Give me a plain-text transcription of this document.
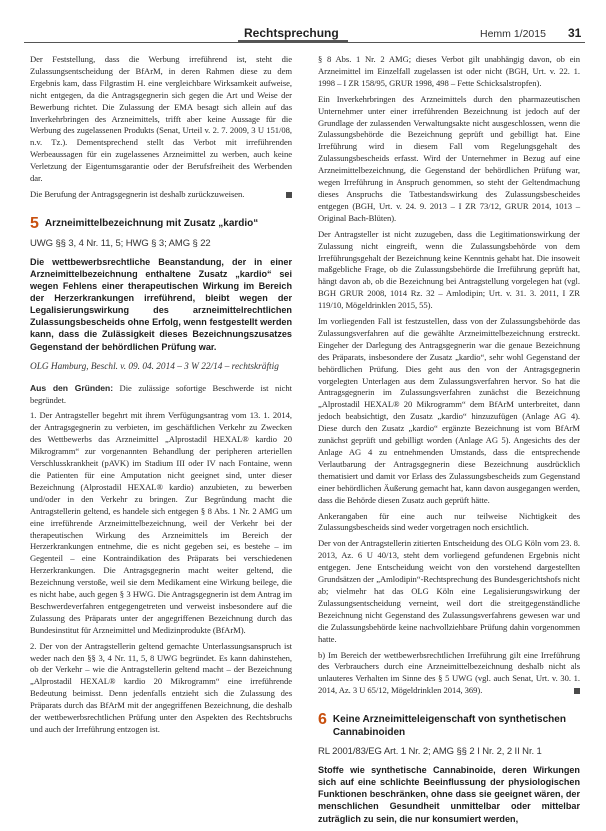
Rechtsprechung	Hemm 1/2015 31

Der Feststellung, dass die Werbung irreführend ist, steht die Zulassungsentscheidung der BfArM, in deren Rahmen diese zu dem Ergebnis kam, dass Filgrastim H. eine vergleichbare Wirksamkeit aufweise, nicht entgegen, da die Antragsgegnerin sich gegen die Art und Weise der Bewerbung richtet. Die Zulassung der EMA besagt sich allein auf das Inverkehrbringen des Arzneimittels, trifft aber keine Aussage für die Werbung des zugelassenen Produkts (Senat, Urteil v. 2. 7. 2009, 3 U 151/08, n.v. Tz.). Dementsprechend stellt das Verbot mit irreführenden Werbeaussagen für ein zugelassenes Arzneimittel zu werben, auch keine Verletzung der Eigentumsgarantie oder der Berufsfreiheit des Werbenden dar.

Die Berufung der Antragsgegnerin ist deshalb zurückzuweisen.

5 Arzneimittelbezeichnung mit Zusatz „kardio“
UWG §§ 3, 4 Nr. 11, 5; HWG § 3; AMG § 22
Die wettbewerbsrechtliche Beanstandung, der in einer Arzneimittelbezeichnung enthaltene Zusatz „kardio“ sei wegen Fehlens einer therapeutischen Wirkung im Bereich der Herzerkrankungen irreführend, bleibt wegen der Legalisierungswirkung des arzneimittelrechtlichen Zulassungsbescheids ohne Erfolg, wenn festgestellt werden kann, dass die Zulässigkeit dieses Bezeichnungszusatzes Gegenstand der behördlichen Prüfung war.
OLG Hamburg, Beschl. v. 09. 04. 2014 – 3 W 22/14 – rechtskräftig

Aus den Gründen: Die zulässige sofortige Beschwerde ist nicht begründet.

1. Der Antragsteller begehrt mit ihrem Verfügungsantrag vom 13. 1. 2014, der Antragsgegnerin zu verbieten, im geschäftlichen Verkehr zu Zwecken des Wettbewerbs das Arzneimittel „Alprostadil HEXAL® kardio 20 Mikrogramm“ zur vorgenannten Behandlung der peripheren arteriellen Verschlusskrankheit (pAVK) im Stadium III oder IV nach Fontaine, wenn die Patienten für eine Amputation nicht geeignet sind, unter dieser Bezeichnung (Alprostadil HEXAL® kardio) anzubieten, zu bewerben und/oder in den Verkehr zu bringen. Zur Begründung macht die Antragstellerin geltend, es handele sich entgegen § 8 Abs. 1 Nr. 2 AMG um eine irreführende Arzneimittelbezeichnung, weil der Verkehr bei der therapeutischen Wirkung des Arzneimittels im Bereich der Herzerkrankungen entnehme, die es nicht gegeben sei, es bestehe – im Gegenteil – eine Kontraindikation des Präparats bei verschiedenen Herzerkrankungen. Die Antragsgegnerin macht weiter geltend, die Bezeichnung verstoße, weil sie dem Medikament eine Wirkung beilege, die es nicht habe, auch gegen § 3 HWG. Die Antragsgegnerin ist dem Antrag im Beschwerdeverfahren entgegengetreten und verweist insbesondere auf die Zulassung des Präparats unter der angegriffenen Bezeichnung durch das Bundesinstitut für Arzneimittel und Medizinprodukte (BfArM).

2. Der von der Antragstellerin geltend gemachte Unterlassungsanspruch ist weder nach den §§ 3, 4 Nr. 11, 5, 8 UWG begründet. Es kann dahinstehen, ob der Verkehr – wie die Antragstellerin geltend macht – der Bezeichnung „Alprostadil HEXAL® kardio 20 Mikrogramm“ eine irreführende Bedeutung beimisst. Denn jedenfalls entzieht sich die Zulassung des Präparats durch das BfArM mit der angegriffenen Bezeichnung, die deshalb der wettbewerbsrechtlichen Prüfung unter den Aspekten des Rechtsbruchs und auch der Irreführung entzogen ist.

§ 8 Abs. 1 Nr. 2 AMG; dieses Verbot gilt unabhängig davon, ob ein Arzneimittel im Einzelfall zugelassen ist oder nicht (BGH, Urt. v. 22. 1. 1998 – I ZR 158/95, GRUR 1998, 498 – Fette Schicksalstropfen).

Ein Inverkehrbringen des Arzneimittels durch den pharmazeutischen Unternehmer unter einer irreführenden Bezeichnung ist jedoch auf der Grundlage der zulassenden Verwaltungsakte nicht ausgeschlossen, wenn die Zulassungsbehörde die Bezeichnung geprüft und gebilligt hat. Eine Irreführung wird in diesem Fall vom Regelungsgehalt des Zulassungsbescheids erfasst. Wird der Unternehmer in Bezug auf eine Arzneimittelbezeichnung, die Gegenstand der behördlichen Prüfung war, wegen Irreführung in Anspruch genommen, so steht der Geltendmachung dieses Anspruchs die Tatbestandswirkung des Zulassungsbescheides entgegen (BGH, Urt. v. 24. 9. 2013 – I ZR 73/12, GRUR 2014, 1013 – Original Bach-Blüten).

Der Antragsteller ist nicht zuzugeben, dass die Legitimationswirkung der Zulassung nicht eingreift, wenn die Zulassungsbehörde von dem Irreführungsgehalt der Bezeichnung keine Kenntnis gehabt hat. Die insoweit maßgebliche Frage, ob die Zulassungsbehörde die Irreführung geprüft hat, hängt davon ab, ob die Bezeichnung bei Antragstellung vorgelegen hat (vgl. BGH GRUR 2008, 1014 Rz. 32 – Amlodipin; Urt. v. 31. 3. 2011, I ZR 119/10, Mögeldrinklen 2015, 55).

Im vorliegenden Fall ist festzustellen, dass von der Zulassungsbehörde das Zulassungsverfahren auf die gewählte Arzneimittelbezeichnung erstreckt. Eingeher der Darlegung des Antragsgegnerin war die genaue Bezeichnung des Präparats, insbesondere der Zusatz „kardio“, sehr wohl Gegenstand der behördlichen Prüfung. Dies geht aus den von der Antragsgegnerin vorgelegten Unterlagen aus dem Zulassungsverfahren hervor. So hat die Antragsgegnerin im Zulassungsverfahren zunächst die Bezeichnung „Alprostadil HEXAL® 20 Mikrogramm“ dem BfArM unterbreitet, dann jedoch beabsichtigt, den Zusatz „kardio“ hinzuzufügen (Anlage AG 4). Diese durch den Zusatz „kardio“ ergänzte Bezeichnung ist vom BfArM zunächst geprüft und gebilligt worden (Anlage AG 5). Angesichts des der Anlage AG 4 zu entnehmenden Umstands, dass die entsprechende Verlautbarung der Antragsgegnerin diese Bezeichnung ausdrücklich thematisiert und damit vor Erlass des Zulassungsbescheids zum Gegenstand einer behördlichen Äußerung gemacht hat, kann davon ausgegangen werden, dass die Behörde diesen Zusatz auch geprüft hätte.

Ankerangaben für eine auch nur teilweise Nichtigkeit des Zulassungsbescheids sind weder vorgetragen noch ersichtlich.

Der von der Antragstellerin zitierten Entscheidung des OLG Köln vom 23. 8. 2013, Az. 6 U 40/13, steht dem vorliegend gefundenen Ergebnis nicht entgegen. Jene Entscheidung weicht von den vorstehend dargestellten Grundsätzen der „Amlodipin“-Rechtsprechung des Bundesgerichtshofs nicht ab; vielmehr hat das OLG Köln eine Legalisierungswirkung der Zulassungsentscheidung verneint, weil dort die streitgegenständliche Bezeichnung nicht Gegenstand des Zulassungsverfahrens gewesen war und die Zulassungsbehörde keine nachvollziehbare Prüfung dahin vorgenommen hatte.

b) Im Bereich der wettbewerbsrechtlichen Irreführung gilt eine Irreführung des Verbrauchers durch eine Arzneimittelbezeichnung deshalb nicht als unlauteres Verhalten im Sinne des § 5 UWG (vgl. auch Senat, Urt. v. 30. 1. 2014, Az. 3 U 65/12, Mögeldrinklen 2014, 369).

6 Keine Arzneimitteleigenschaft von synthetischen Cannabinoiden
RL 2001/83/EG Art. 1 Nr. 2; AMG §§ 2 I Nr. 2, 2 II Nr. 1
Stoffe wie synthetische Cannabinoide, deren Wirkungen sich auf eine schlichte Beeinflussung der physiologischen Funktionen beschränken, ohne dass sie geeignet wären, der menschlichen Gesundheit unmittelbar oder mittelbar zuträglich zu sein, die nur konsumiert werden,
